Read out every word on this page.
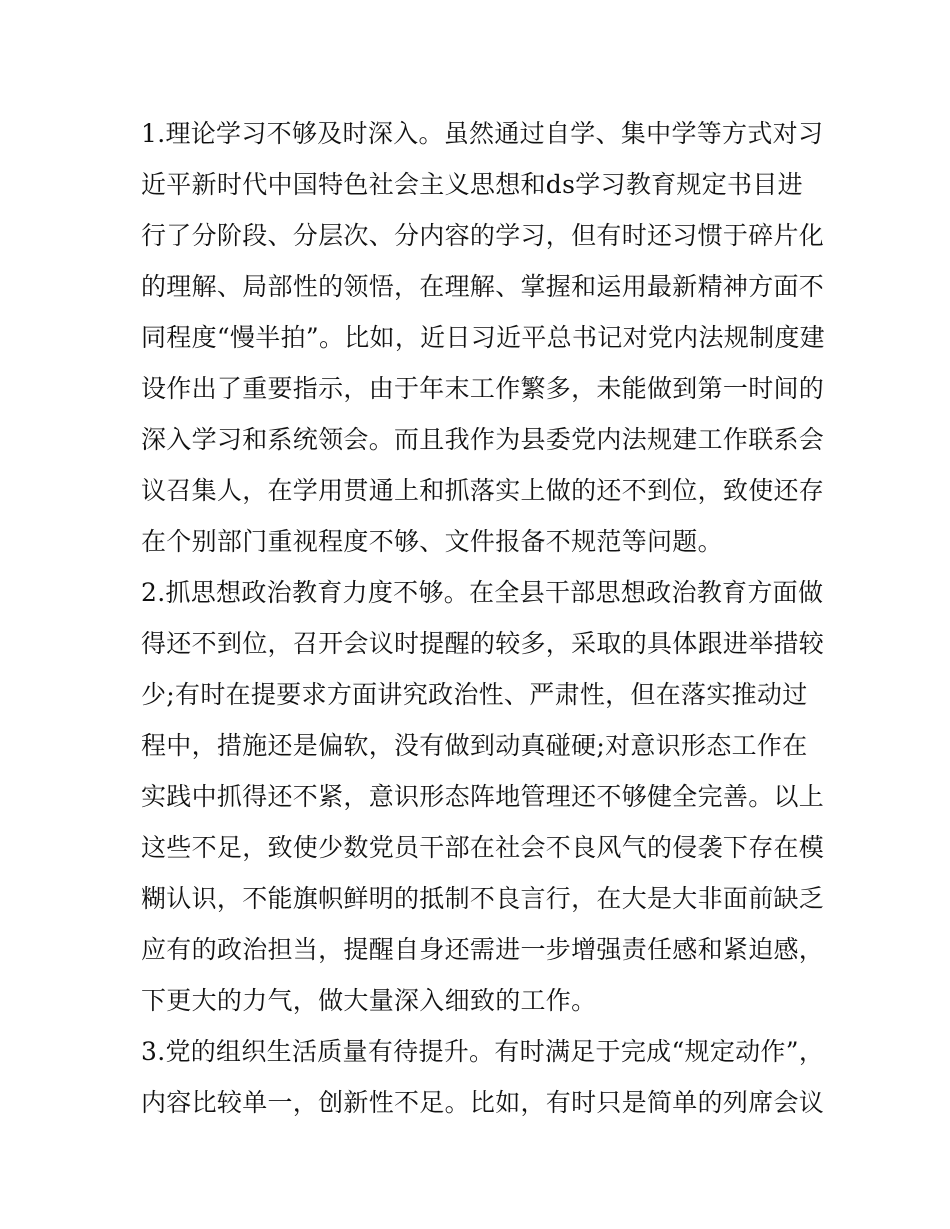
1.理论学习不够及时深入。虽然通过自学、集中学等方式对习
近平新时代中国特色社会主义思想和ds学习教育规定书目进
行了分阶段、分层次、分内容的学习，但有时还习惯于碎片化
的理解、局部性的领悟，在理解、掌握和运用最新精神方面不
同程度“慢半拍”。比如，近日习近平总书记对党内法规制度建
设作出了重要指示，由于年末工作繁多，未能做到第一时间的
深入学习和系统领会。而且我作为县委党内法规建工作联系会
议召集人，在学用贯通上和抓落实上做的还不到位，致使还存
在个别部门重视程度不够、文件报备不规范等问题。
2.抓思想政治教育力度不够。在全县干部思想政治教育方面做
得还不到位，召开会议时提醒的较多，采取的具体跟进举措较
少;有时在提要求方面讲究政治性、严肃性，但在落实推动过
程中，措施还是偏软，没有做到动真碰硬;对意识形态工作在
实践中抓得还不紧，意识形态阵地管理还不够健全完善。以上
这些不足，致使少数党员干部在社会不良风气的侵袭下存在模
糊认识，不能旗帜鲜明的抵制不良言行，在大是大非面前缺乏
应有的政治担当，提醒自身还需进一步增强责任感和紧迫感，
下更大的力气，做大量深入细致的工作。
3.党的组织生活质量有待提升。有时满足于完成“规定动作”，
内容比较单一，创新性不足。比如，有时只是简单的列席会议
